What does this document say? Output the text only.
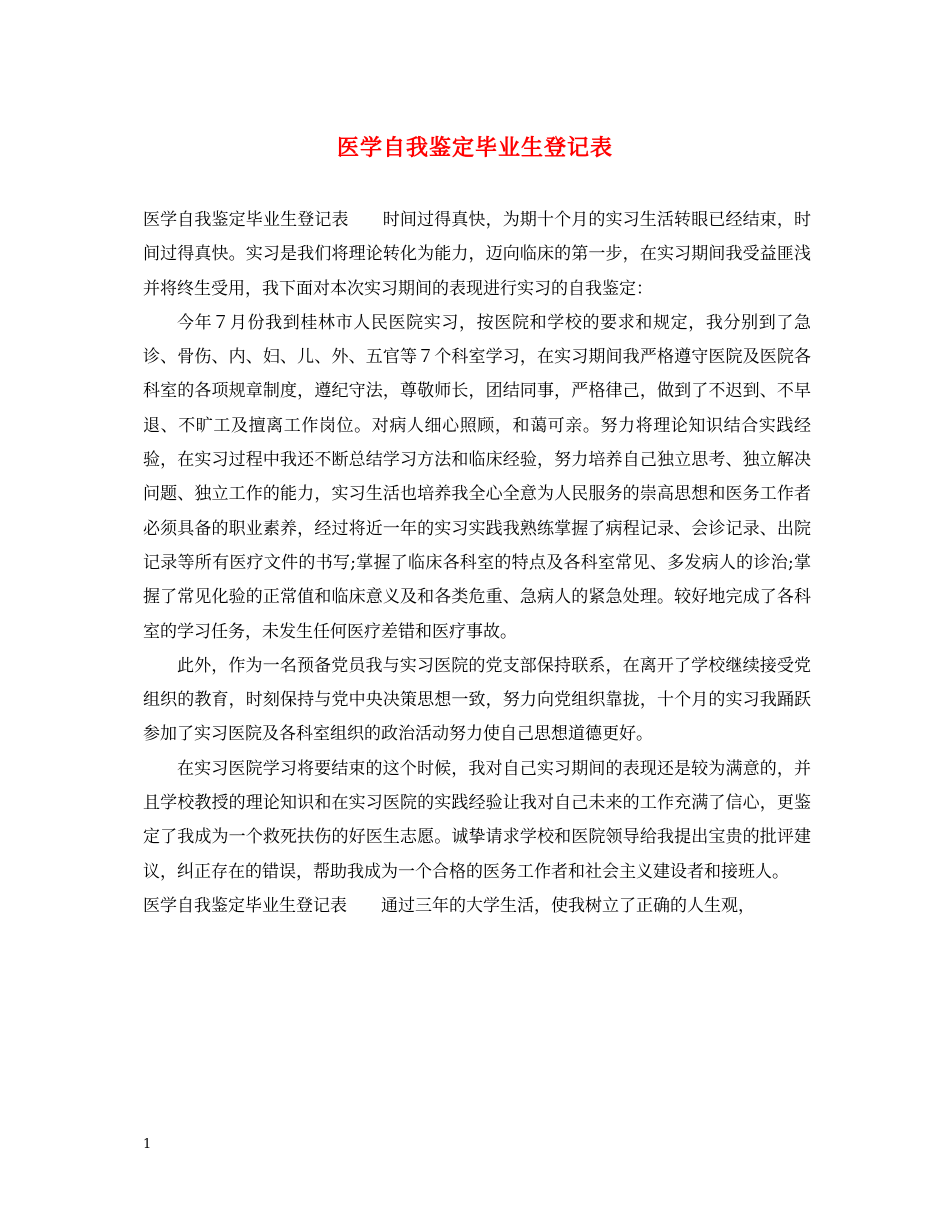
医学自我鉴定毕业生登记表

医学自我鉴定毕业生登记表 时间过得真快，为期十个月的实习生活转眼已经结束，时间过得真快。实习是我们将理论转化为能力，迈向临床的第一步，在实习期间我受益匪浅并将终生受用，我下面对本次实习期间的表现进行实习的自我鉴定：

今年７月份我到桂林市人民医院实习，按医院和学校的要求和规定，我分别到了急诊、骨伤、内、妇、儿、外、五官等７个科室学习，在实习期间我严格遵守医院及医院各科室的各项规章制度，遵纪守法，尊敬师长，团结同事，严格律己，做到了不迟到、不早退、不旷工及擅离工作岗位。对病人细心照顾，和蔼可亲。努力将理论知识结合实践经验，在实习过程中我还不断总结学习方法和临床经验，努力培养自己独立思考、独立解决问题、独立工作的能力，实习生活也培养我全心全意为人民服务的崇高思想和医务工作者必须具备的职业素养，经过将近一年的实习实践我熟练掌握了病程记录、会诊记录、出院记录等所有医疗文件的书写;掌握了临床各科室的特点及各科室常见、多发病人的诊治;掌握了常见化验的正常值和临床意义及和各类危重、急病人的紧急处理。较好地完成了各科室的学习任务，未发生任何医疗差错和医疗事故。

此外，作为一名预备党员我与实习医院的党支部保持联系，在离开了学校继续接受党组织的教育，时刻保持与党中央决策思想一致，努力向党组织靠拢，十个月的实习我踊跃参加了实习医院及各科室组织的政治活动努力使自己思想道德更好。

在实习医院学习将要结束的这个时候，我对自己实习期间的表现还是较为满意的，并且学校教授的理论知识和在实习医院的实践经验让我对自己未来的工作充满了信心，更鉴定了我成为一个救死扶伤的好医生志愿。诚挚请求学校和医院领导给我提出宝贵的批评建议，纠正存在的错误，帮助我成为一个合格的医务工作者和社会主义建设者和接班人。

医学自我鉴定毕业生登记表 通过三年的大学生活，使我树立了正确的人生观，

1
